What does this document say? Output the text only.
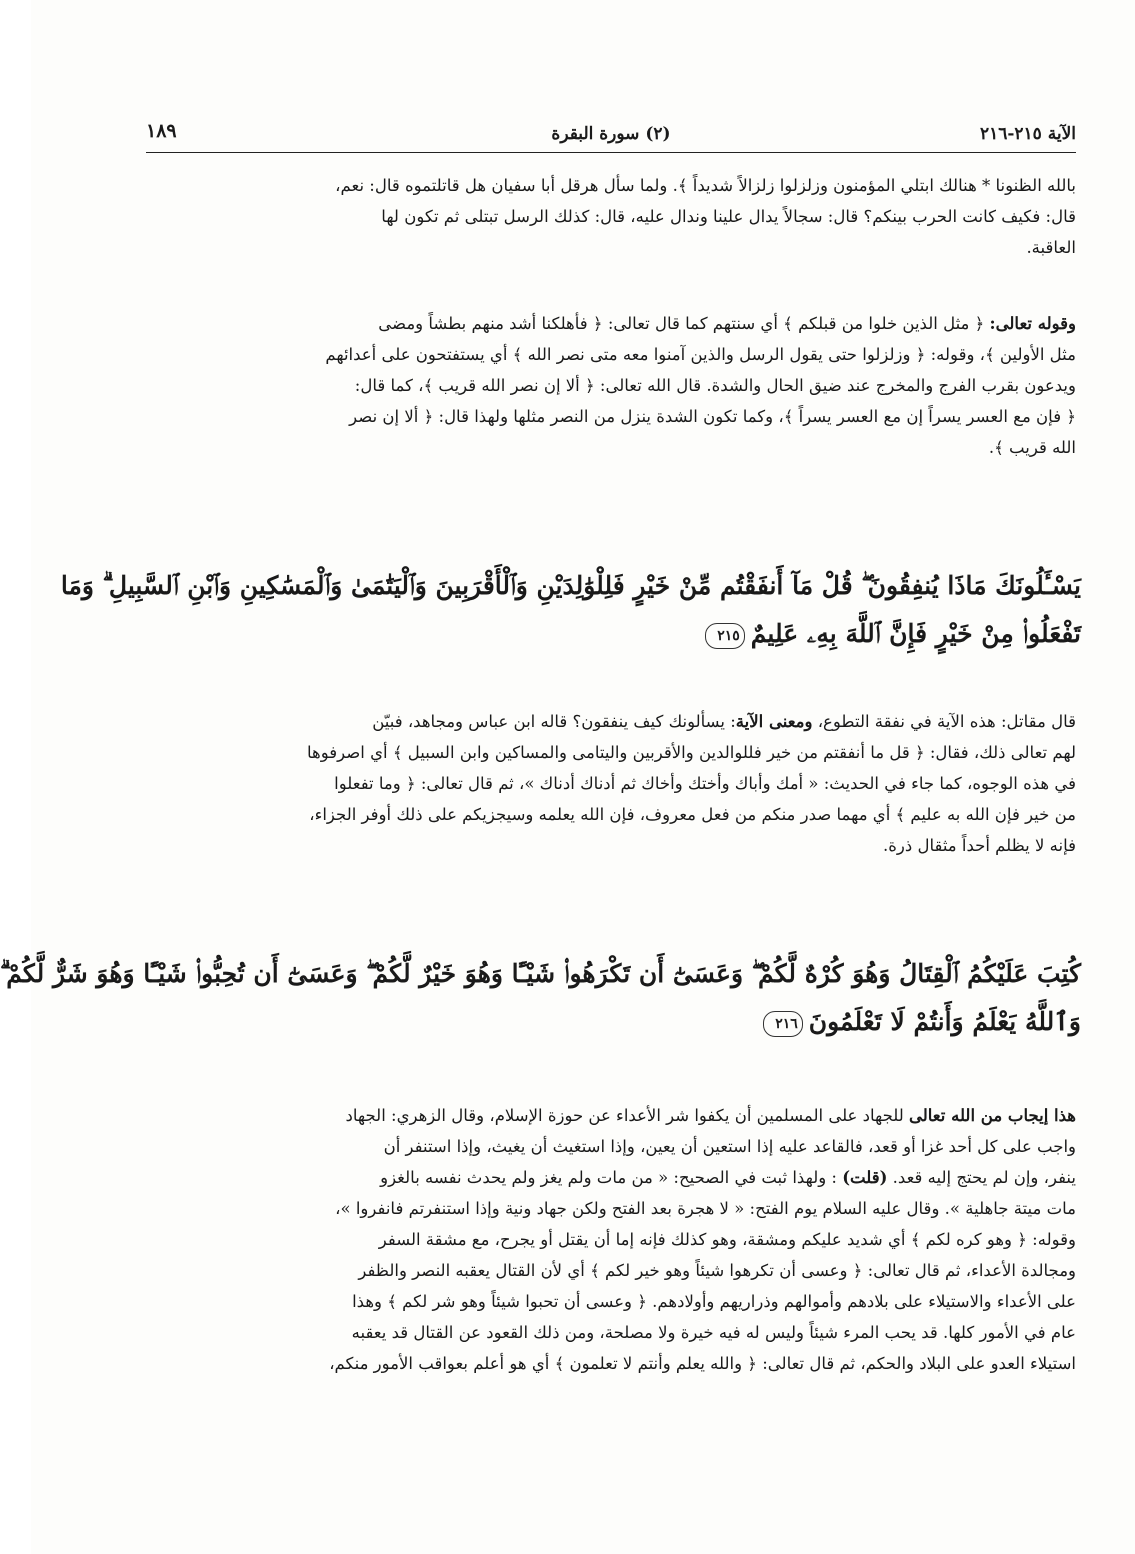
الآية ٢١٥-٢١٦
(٢) سورة البقرة
١٨٩
بالله الظنونا * هنالك ابتلي المؤمنون وزلزلوا زلزالاً شديداً ﴾. ولما سأل هرقل أبا سفيان هل قاتلتموه قال: نعم،
قال: فكيف كانت الحرب بينكم؟ قال: سجالاً يدال علينا وندال عليه، قال: كذلك الرسل تبتلى ثم تكون لها
العاقبة.
وقوله تعالى: ﴿ مثل الذين خلوا من قبلكم ﴾ أي سنتهم كما قال تعالى: ﴿ فأهلكنا أشد منهم بطشاً ومضى
مثل الأولين ﴾، وقوله: ﴿ وزلزلوا حتى يقول الرسل والذين آمنوا معه متى نصر الله ﴾ أي يستفتحون على أعدائهم
ويدعون بقرب الفرج والمخرج عند ضيق الحال والشدة. قال الله تعالى: ﴿ ألا إن نصر الله قريب ﴾، كما قال:
﴿ فإن مع العسر يسراً إن مع العسر يسراً ﴾، وكما تكون الشدة ينزل من النصر مثلها ولهذا قال: ﴿ ألا إن نصر
الله قريب ﴾.
يَسْـَٔلُونَكَ مَاذَا يُنفِقُونَ ۖ قُلْ مَآ أَنفَقْتُم مِّنْ خَيْرٍ فَلِلْوَٰلِدَيْنِ وَٱلْأَقْرَبِينَ وَٱلْيَتَٰمَىٰ وَٱلْمَسَٰكِينِ وَٱبْنِ ٱلسَّبِيلِ ۗ وَمَا
تَفْعَلُوا۟ مِنْ خَيْرٍ فَإِنَّ ٱللَّهَ بِهِۦ عَلِيمٌ٢١٥
قال مقاتل: هذه الآية في نفقة التطوع، ومعنى الآية: يسألونك كيف ينفقون؟ قاله ابن عباس ومجاهد، فبيّن
لهم تعالى ذلك، فقال: ﴿ قل ما أنفقتم من خير فللوالدين والأقربين واليتامى والمساكين وابن السبيل ﴾ أي اصرفوها
في هذه الوجوه، كما جاء في الحديث: « أمك وأباك وأختك وأخاك ثم أدناك أدناك »، ثم قال تعالى: ﴿ وما تفعلوا
من خير فإن الله به عليم ﴾ أي مهما صدر منكم من فعل معروف، فإن الله يعلمه وسيجزيكم على ذلك أوفر الجزاء،
فإنه لا يظلم أحداً مثقال ذرة.
كُتِبَ عَلَيْكُمُ ٱلْقِتَالُ وَهُوَ كُرْهٌ لَّكُمْ ۖ وَعَسَىٰٓ أَن تَكْرَهُوا۟ شَيْـًٔا وَهُوَ خَيْرٌ لَّكُمْ ۖ وَعَسَىٰٓ أَن تُحِبُّوا۟ شَيْـًٔا وَهُوَ شَرٌّ لَّكُمْ ۗ
وَٱللَّهُ يَعْلَمُ وَأَنتُمْ لَا تَعْلَمُونَ٢١٦
هذا إيجاب من الله تعالى للجهاد على المسلمين أن يكفوا شر الأعداء عن حوزة الإسلام، وقال الزهري: الجهاد
واجب على كل أحد غزا أو قعد، فالقاعد عليه إذا استعين أن يعين، وإذا استغيث أن يغيث، وإذا استنفر أن
ينفر، وإن لم يحتج إليه قعد. (قلت) : ولهذا ثبت في الصحيح: « من مات ولم يغز ولم يحدث نفسه بالغزو
مات ميتة جاهلية ». وقال عليه السلام يوم الفتح: « لا هجرة بعد الفتح ولكن جهاد ونية وإذا استنفرتم فانفروا »،
وقوله: ﴿ وهو كره لكم ﴾ أي شديد عليكم ومشقة، وهو كذلك فإنه إما أن يقتل أو يجرح، مع مشقة السفر
ومجالدة الأعداء، ثم قال تعالى: ﴿ وعسى أن تكرهوا شيئاً وهو خير لكم ﴾ أي لأن القتال يعقبه النصر والظفر
على الأعداء والاستيلاء على بلادهم وأموالهم وذراريهم وأولادهم. ﴿ وعسى أن تحبوا شيئاً وهو شر لكم ﴾ وهذا
عام في الأمور كلها. قد يحب المرء شيئاً وليس له فيه خيرة ولا مصلحة، ومن ذلك القعود عن القتال قد يعقبه
استيلاء العدو على البلاد والحكم، ثم قال تعالى: ﴿ والله يعلم وأنتم لا تعلمون ﴾ أي هو أعلم بعواقب الأمور منكم،
